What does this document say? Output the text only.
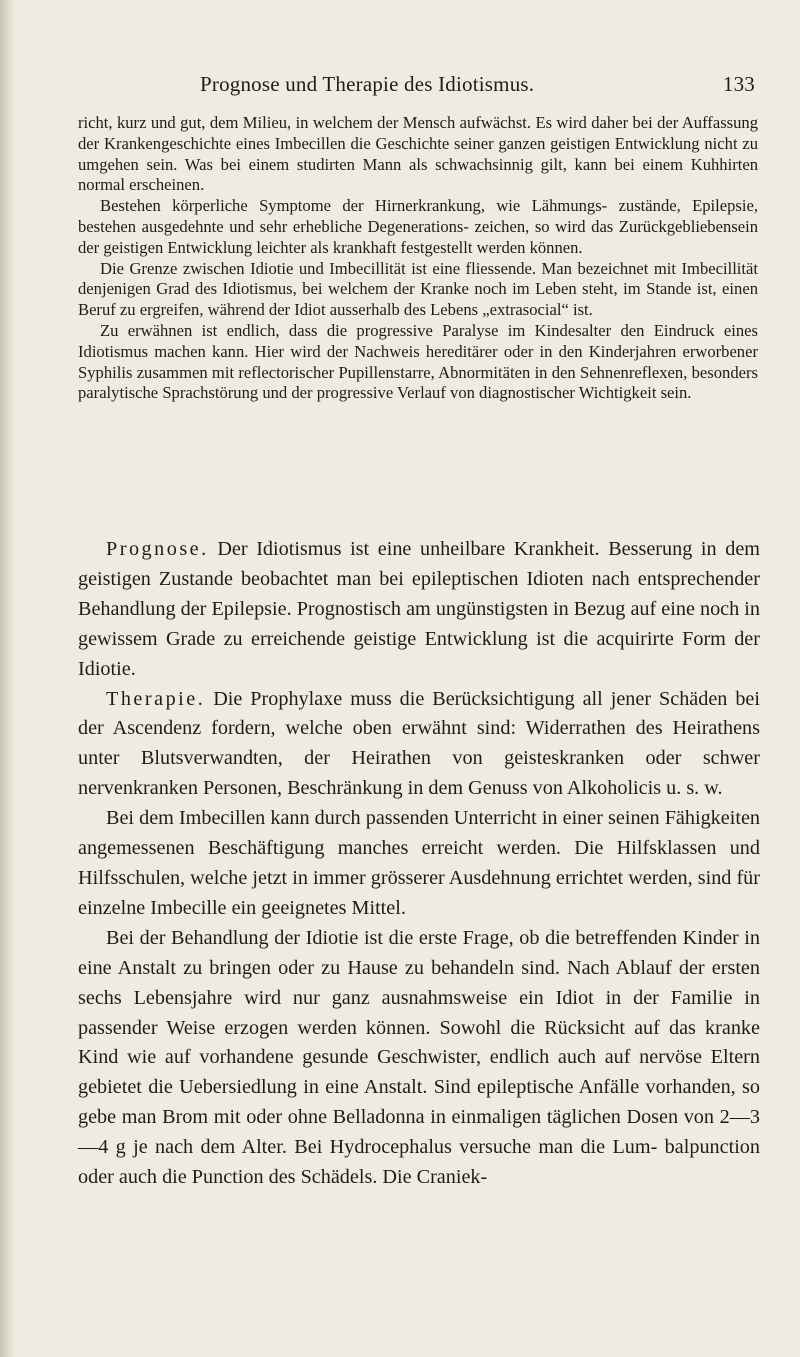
Prognose und Therapie des Idiotismus.	133

richt, kurz und gut, dem Milieu, in welchem der Mensch aufwächst. Es wird daher bei der Auffassung der Krankengeschichte eines Imbecillen die Geschichte seiner ganzen geistigen Entwicklung nicht zu umgehen sein. Was bei einem studirten Mann als schwachsinnig gilt, kann bei einem Kuhhirten normal erscheinen.

Bestehen körperliche Symptome der Hirnerkrankung, wie Lähmungs- zustände, Epilepsie, bestehen ausgedehnte und sehr erhebliche Degenerations- zeichen, so wird das Zurückgebliebensein der geistigen Entwicklung leichter als krankhaft festgestellt werden können.

Die Grenze zwischen Idiotie und Imbecillität ist eine fliessende. Man bezeichnet mit Imbecillität denjenigen Grad des Idiotismus, bei welchem der Kranke noch im Leben steht, im Stande ist, einen Beruf zu ergreifen, während der Idiot ausserhalb des Lebens „extrasocial“ ist.

Zu erwähnen ist endlich, dass die progressive Paralyse im Kindesalter den Eindruck eines Idiotismus machen kann. Hier wird der Nachweis hereditärer oder in den Kinderjahren erworbener Syphilis zusammen mit reflectorischer Pupillenstarre, Abnormitäten in den Sehnenreflexen, besonders paralytische Sprachstörung und der progressive Verlauf von diagnostischer Wichtigkeit sein.

Prognose. Der Idiotismus ist eine unheilbare Krankheit. Besserung in dem geistigen Zustande beobachtet man bei epileptischen Idioten nach entsprechender Behandlung der Epilepsie. Prognostisch am ungünstigsten in Bezug auf eine noch in gewissem Grade zu erreichende geistige Entwicklung ist die acquirirte Form der Idiotie.
Therapie. Die Prophylaxe muss die Berücksichtigung all jener Schäden bei der Ascendenz fordern, welche oben erwähnt sind: Widerrathen des Heirathens unter Blutsverwandten, der Heirathen von geisteskranken oder schwer nervenkranken Personen, Beschränkung in dem Genuss von Alkoholicis u. s. w.

Bei dem Imbecillen kann durch passenden Unterricht in einer seinen Fähigkeiten angemessenen Beschäftigung manches erreicht werden. Die Hilfsklassen und Hilfsschulen, welche jetzt in immer grösserer Ausdehnung errichtet werden, sind für einzelne Imbecille ein geeignetes Mittel.

Bei der Behandlung der Idiotie ist die erste Frage, ob die betreffenden Kinder in eine Anstalt zu bringen oder zu Hause zu behandeln sind. Nach Ablauf der ersten sechs Lebensjahre wird nur ganz ausnahmsweise ein Idiot in der Familie in passender Weise erzogen werden können. Sowohl die Rücksicht auf das kranke Kind wie auf vorhandene gesunde Geschwister, endlich auch auf nervöse Eltern gebietet die Uebersiedlung in eine Anstalt. Sind epileptische Anfälle vorhanden, so gebe man Brom mit oder ohne Belladonna in einmaligen täglichen Dosen von 2—3—4 g je nach dem Alter. Bei Hydrocephalus versuche man die Lum- balpunction oder auch die Punction des Schädels. Die Craniek-
